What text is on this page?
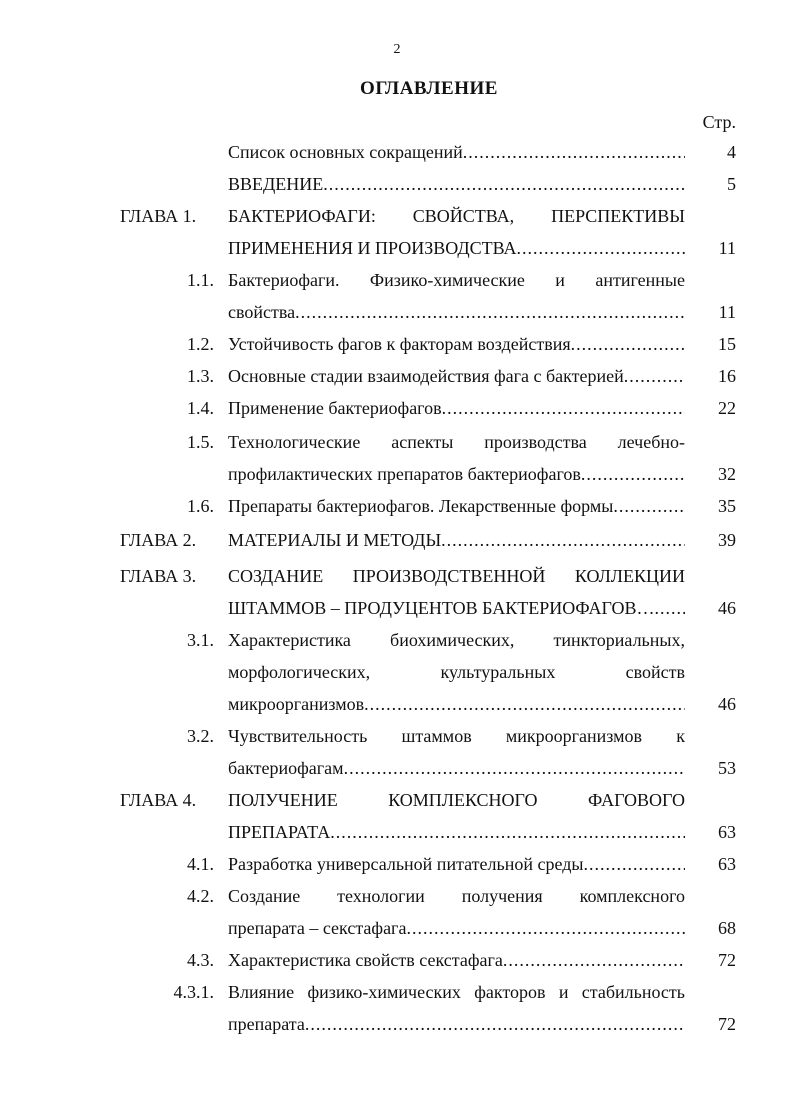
2
ОГЛАВЛЕНИЕ
Стр.
Список основных сокращений .....	4
ВВЕДЕНИЕ .....	5
ГЛАВА 1. БАКТЕРИОФАГИ: СВОЙСТВА, ПЕРСПЕКТИВЫ
ПРИМЕНЕНИЯ И ПРОИЗВОДСТВА .....	11
1.1. Бактериофаги. Физико-химические и антигенные
свойства .....	11
1.2. Устойчивость фагов к факторам воздействия .....	15
1.3. Основные стадии взаимодействия фага с бактерией .....	16
1.4. Применение бактериофагов .....	22
1.5. Технологические аспекты производства лечебно-
профилактических препаратов бактериофагов .....	32
1.6. Препараты бактериофагов. Лекарственные формы .....	35
ГЛАВА 2. МАТЕРИАЛЫ И МЕТОДЫ .....	39
ГЛАВА 3. СОЗДАНИЕ ПРОИЗВОДСТВЕННОЙ КОЛЛЕКЦИИ
ШТАММОВ – ПРОДУЦЕНТОВ БАКТЕРИОФАГОВ… .....	46
3.1. Характеристика биохимических, тинкториальных,
морфологических, культуральных свойств
микроорганизмов .....	46
3.2. Чувствительность штаммов микроорганизмов к
бактериофагам .....	53
ГЛАВА 4. ПОЛУЧЕНИЕ КОМПЛЕКСНОГО ФАГОВОГО
ПРЕПАРАТА .....	63
4.1. Разработка универсальной питательной среды .....	63
4.2. Создание технологии получения комплексного
препарата – секстафага .....	68
4.3. Характеристика свойств секстафага .....	72
4.3.1. Влияние физико-химических факторов и стабильность
препарата .....	72
